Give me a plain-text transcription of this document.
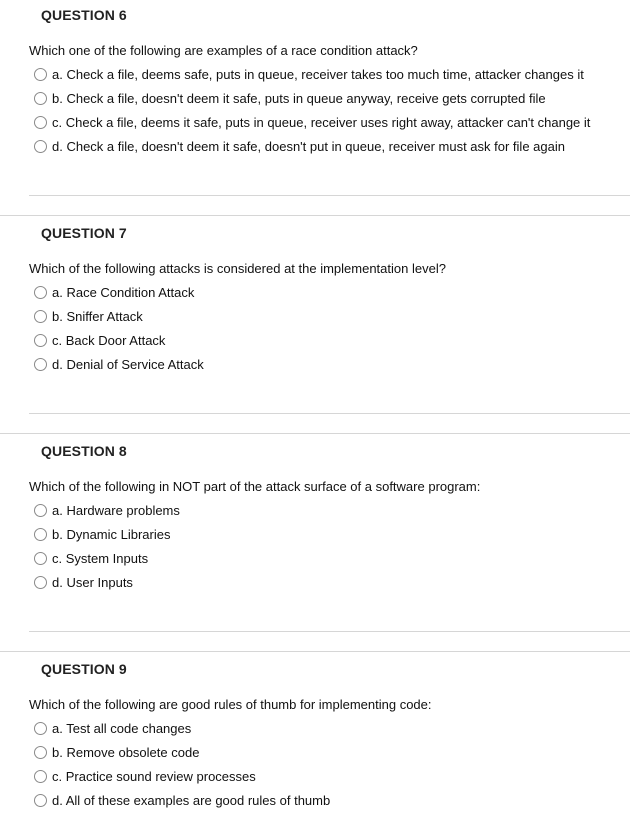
QUESTION 6
Which one of the following are examples of a race condition attack?
a. Check a file, deems safe, puts in queue, receiver takes too much time, attacker changes it
b. Check a file, doesn't deem it safe, puts in queue anyway, receive gets corrupted file
c. Check a file, deems it safe, puts in queue, receiver uses right away, attacker can't change it
d. Check a file, doesn't deem it safe, doesn't put in queue, receiver must ask for file again
QUESTION 7
Which of the following attacks is considered at the implementation level?
a. Race Condition Attack
b. Sniffer Attack
c. Back Door Attack
d. Denial of Service Attack
QUESTION 8
Which of the following in NOT part of the attack surface of a software program:
a. Hardware problems
b. Dynamic Libraries
c. System Inputs
d. User Inputs
QUESTION 9
Which of the following are good rules of thumb for implementing code:
a. Test all code changes
b. Remove obsolete code
c. Practice sound review processes
d. All of these examples are good rules of thumb
